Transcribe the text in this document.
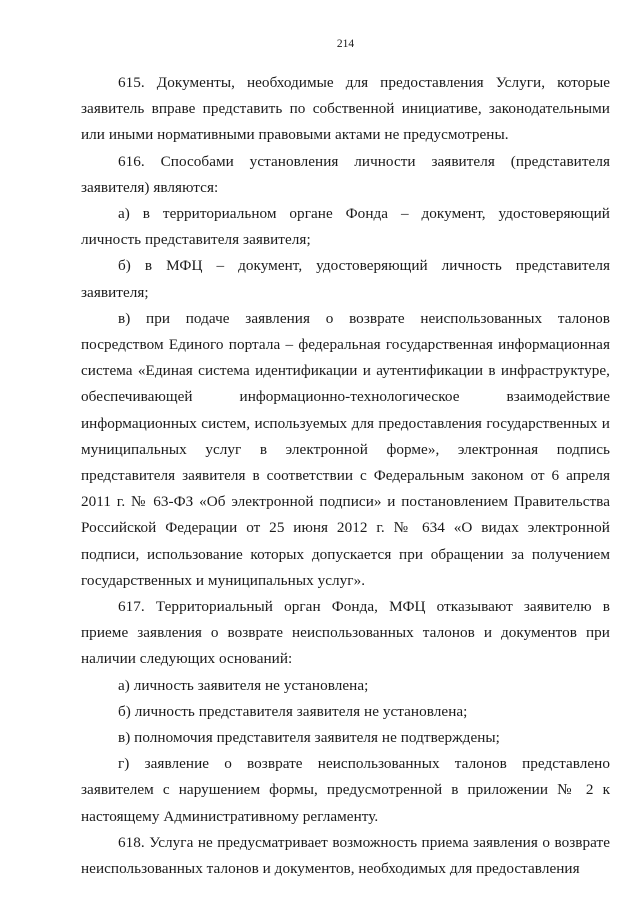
214

615. Документы, необходимые для предоставления Услуги, которые заявитель вправе представить по собственной инициативе, законодательными или иными нормативными правовыми актами не предусмотрены.

616. Способами установления личности заявителя (представителя заявителя) являются:

а) в территориальном органе Фонда – документ, удостоверяющий личность представителя заявителя;

б) в МФЦ – документ, удостоверяющий личность представителя заявителя;

в) при подаче заявления о возврате неиспользованных талонов посредством Единого портала – федеральная государственная информационная система «Единая система идентификации и аутентификации в инфраструктуре, обеспечивающей информационно-технологическое взаимодействие информационных систем, используемых для предоставления государственных и муниципальных услуг в электронной форме», электронная подпись представителя заявителя в соответствии с Федеральным законом от 6 апреля 2011 г. № 63-ФЗ «Об электронной подписи» и постановлением Правительства Российской Федерации от 25 июня 2012 г. № 634 «О видах электронной подписи, использование которых допускается при обращении за получением государственных и муниципальных услуг».

617. Территориальный орган Фонда, МФЦ отказывают заявителю в приеме заявления о возврате неиспользованных талонов и документов при наличии следующих оснований:

а) личность заявителя не установлена;

б) личность представителя заявителя не установлена;

в) полномочия представителя заявителя не подтверждены;

г) заявление о возврате неиспользованных талонов представлено заявителем с нарушением формы, предусмотренной в приложении № 2 к настоящему Административному регламенту.

618. Услуга не предусматривает возможность приема заявления о возврате неиспользованных талонов и документов, необходимых для предоставления
